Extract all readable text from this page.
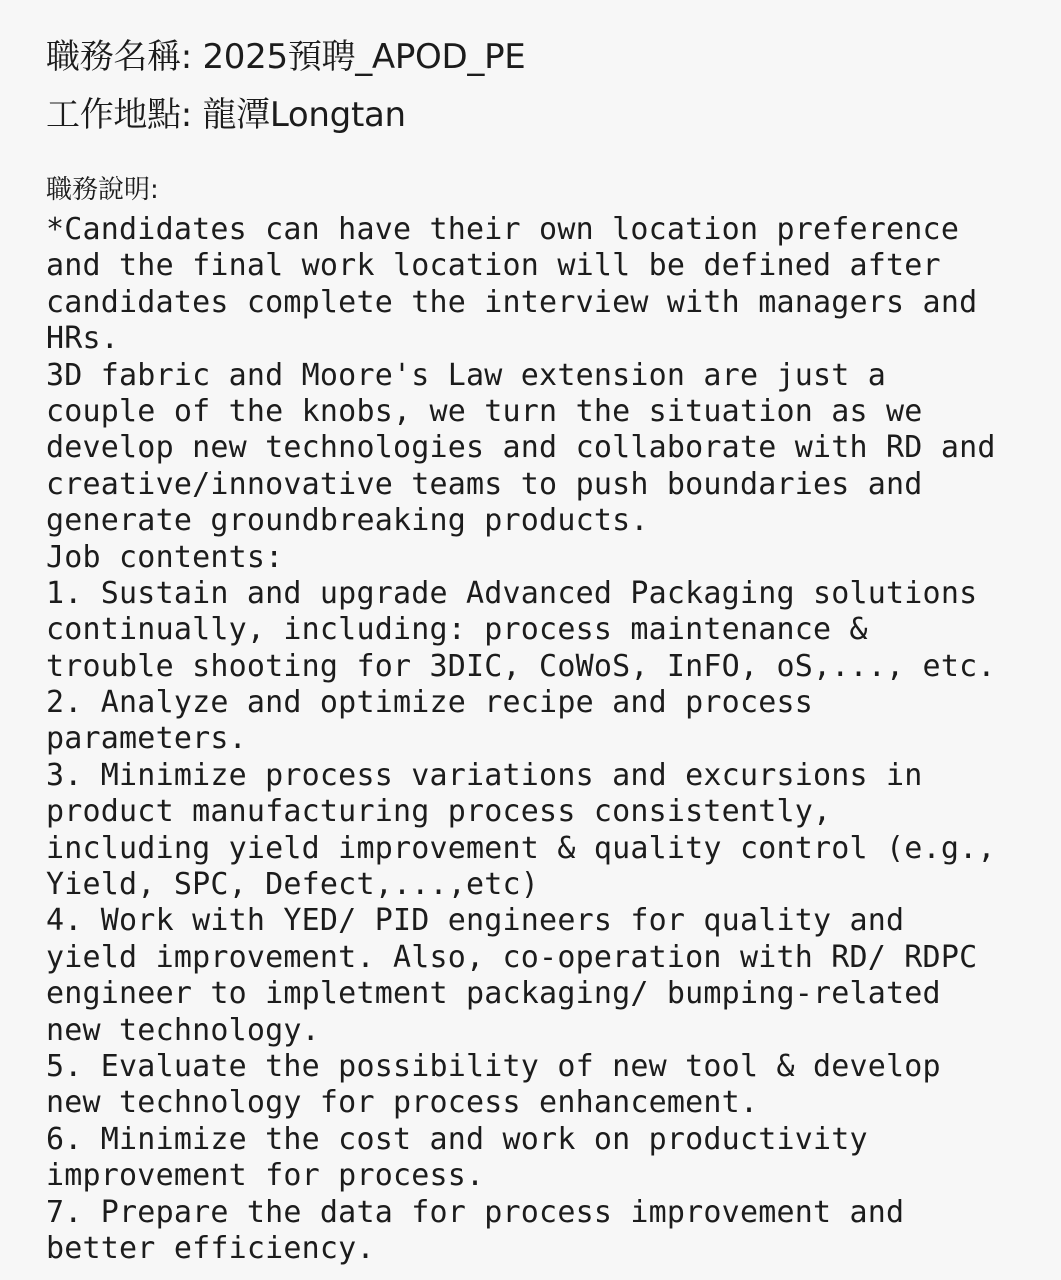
職務名稱: 2025預聘_APOD_PE
工作地點: 龍潭Longtan
職務說明:
*Candidates can have their own location preference
and the final work location will be defined after
candidates complete the interview with managers and
HRs.
3D fabric and Moore's Law extension are just a
couple of the knobs, we turn the situation as we
develop new technologies and collaborate with RD and
creative/innovative teams to push boundaries and
generate groundbreaking products.
Job contents:
1. Sustain and upgrade Advanced Packaging solutions
continually, including: process maintenance &
trouble shooting for 3DIC, CoWoS, InFO, oS,..., etc.
2. Analyze and optimize recipe and process
parameters.
3. Minimize process variations and excursions in
product manufacturing process consistently,
including yield improvement & quality control (e.g.,
Yield, SPC, Defect,...,etc)
4. Work with YED/ PID engineers for quality and
yield improvement. Also, co-operation with RD/ RDPC
engineer to impletment packaging/ bumping-related
new technology.
5. Evaluate the possibility of new tool & develop
new technology for process enhancement.
6. Minimize the cost and work on productivity
improvement for process.
7. Prepare the data for process improvement and
better efficiency.
